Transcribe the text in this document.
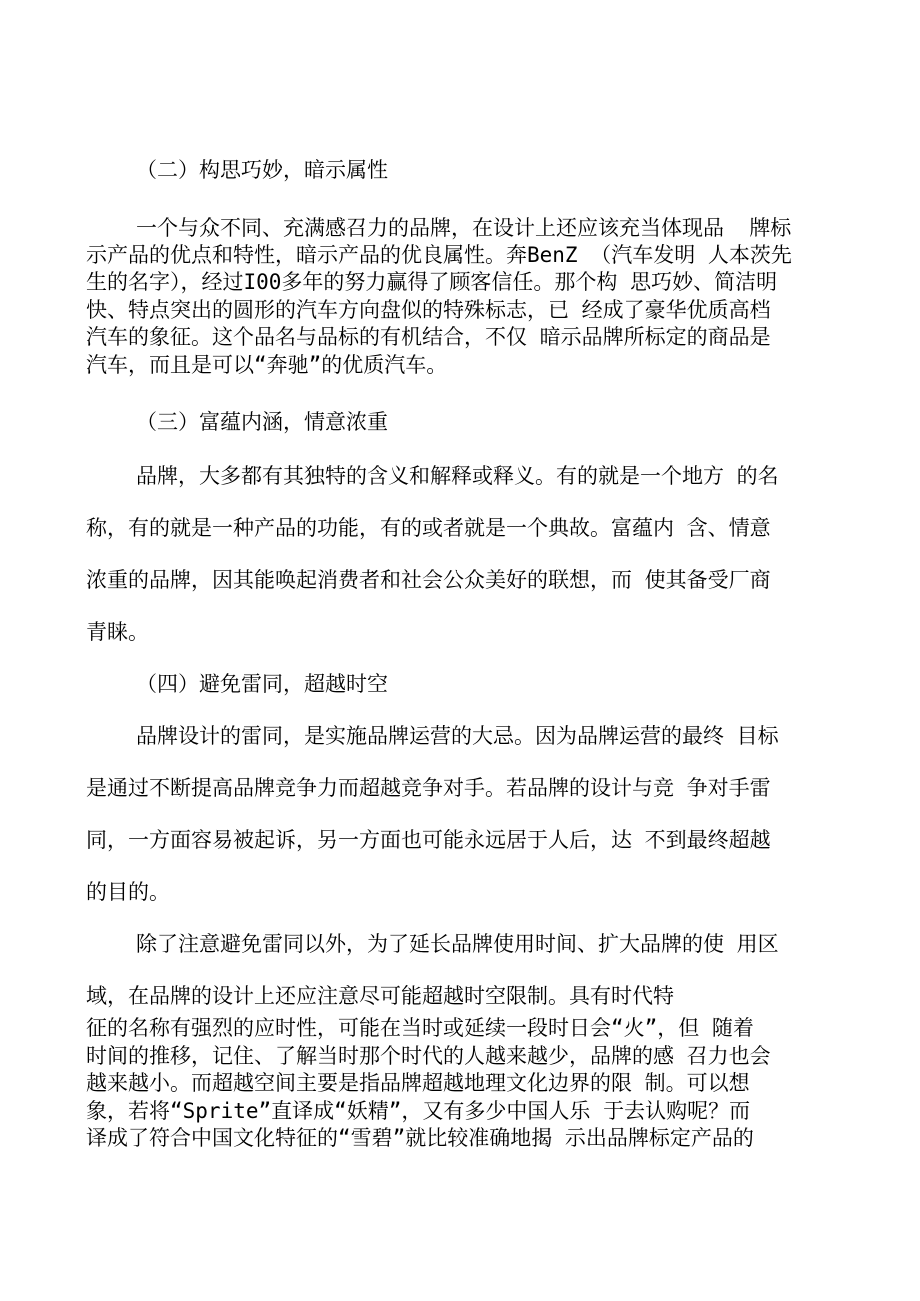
（二）构思巧妙，暗示属性
一个与众不同、充满感召力的品牌，在设计上还应该充当体现品  牌标
示产品的优点和特性，暗示产品的优良属性。奔BenZ （汽车发明 人本茨先
生的名字），经过I00多年的努力赢得了顾客信任。那个构 思巧妙、简洁明
快、特点突出的圆形的汽车方向盘似的特殊标志，已 经成了豪华优质高档
汽车的象征。这个品名与品标的有机结合，不仅 暗示品牌所标定的商品是
汽车，而且是可以“奔驰”的优质汽车。
（三）富蕴内涵，情意浓重
品牌，大多都有其独特的含义和解释或释义。有的就是一个地方 的名
称，有的就是一种产品的功能，有的或者就是一个典故。富蕴内 含、情意
浓重的品牌，因其能唤起消费者和社会公众美好的联想，而 使其备受厂商
青睐。
（四）避免雷同，超越时空
品牌设计的雷同，是实施品牌运营的大忌。因为品牌运营的最终 目标
是通过不断提高品牌竞争力而超越竞争对手。若品牌的设计与竞 争对手雷
同，一方面容易被起诉，另一方面也可能永远居于人后，达 不到最终超越
的目的。
除了注意避免雷同以外，为了延长品牌使用时间、扩大品牌的使 用区
域，在品牌的设计上还应注意尽可能超越时空限制。具有时代特
征的名称有强烈的应时性，可能在当时或延续一段时日会“火”，但 随着
时间的推移，记住、了解当时那个时代的人越来越少，品牌的感 召力也会
越来越小。而超越空间主要是指品牌超越地理文化边界的限 制。可以想
象，若将“Sprite”直译成“妖精”，又有多少中国人乐 于去认购呢？而
译成了符合中国文化特征的“雪碧”就比较准确地揭 示出品牌标定产品的
